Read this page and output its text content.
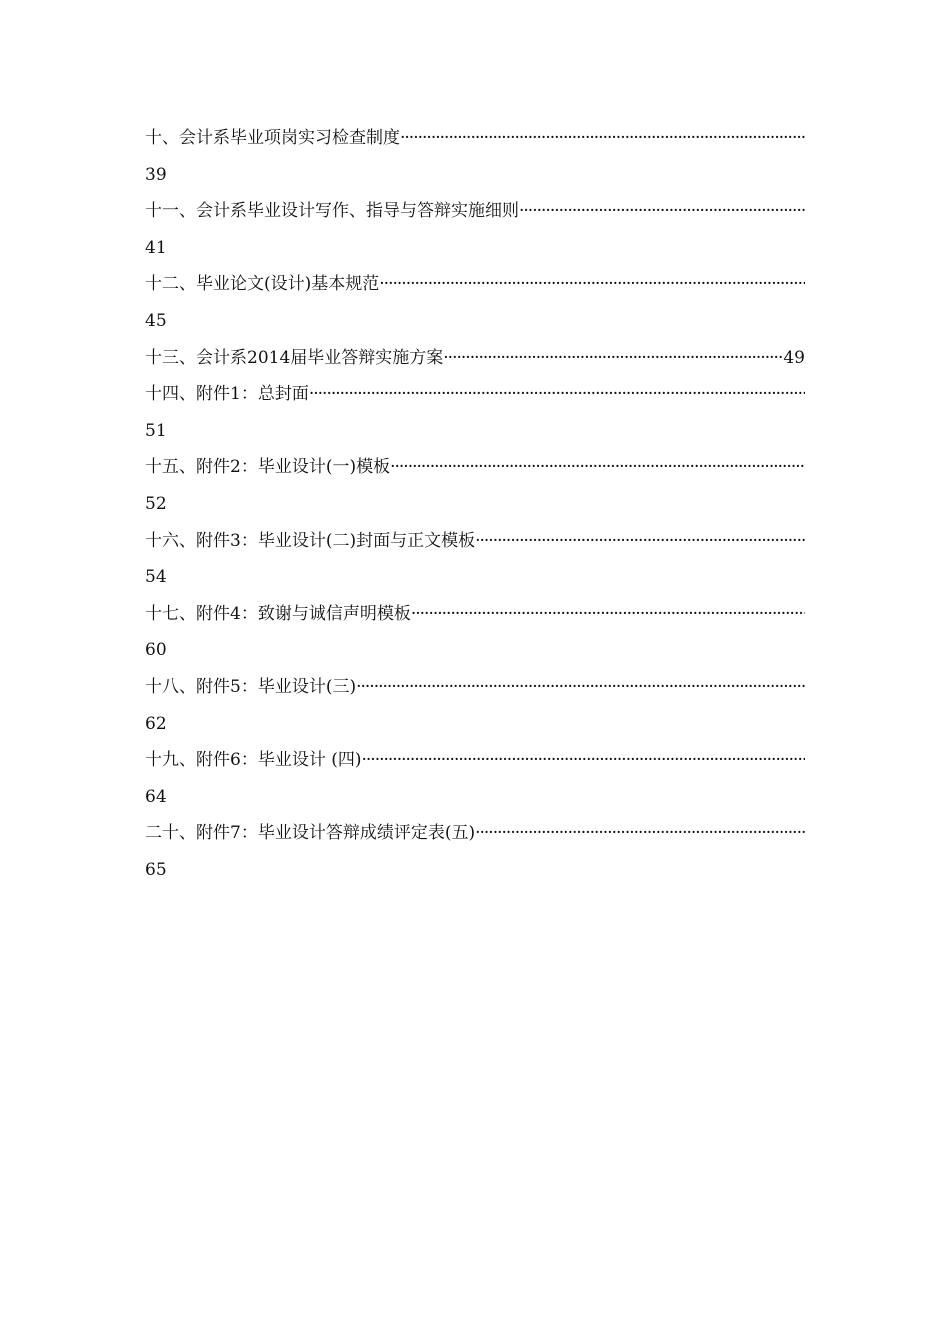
十、会计系毕业项岗实习检查制度
·····
39
十一、会计系毕业设计写作、指导与答辩实施细则
·····
41
十二、毕业论文(设计)基本规范
·····
45
十三、会计系2014届毕业答辩实施方案
·····	49
十四、附件1：总封面
·····
51
十五、附件2：毕业设计(一)模板
·····
52
十六、附件3：毕业设计(二)封面与正文模板
·····
54
十七、附件4：致谢与诚信声明模板
·····
60
十八、附件5：毕业设计(三)
·····
62
十九、附件6：毕业设计 (四)
·····
64
二十、附件7：毕业设计答辩成绩评定表(五)
·····
65
